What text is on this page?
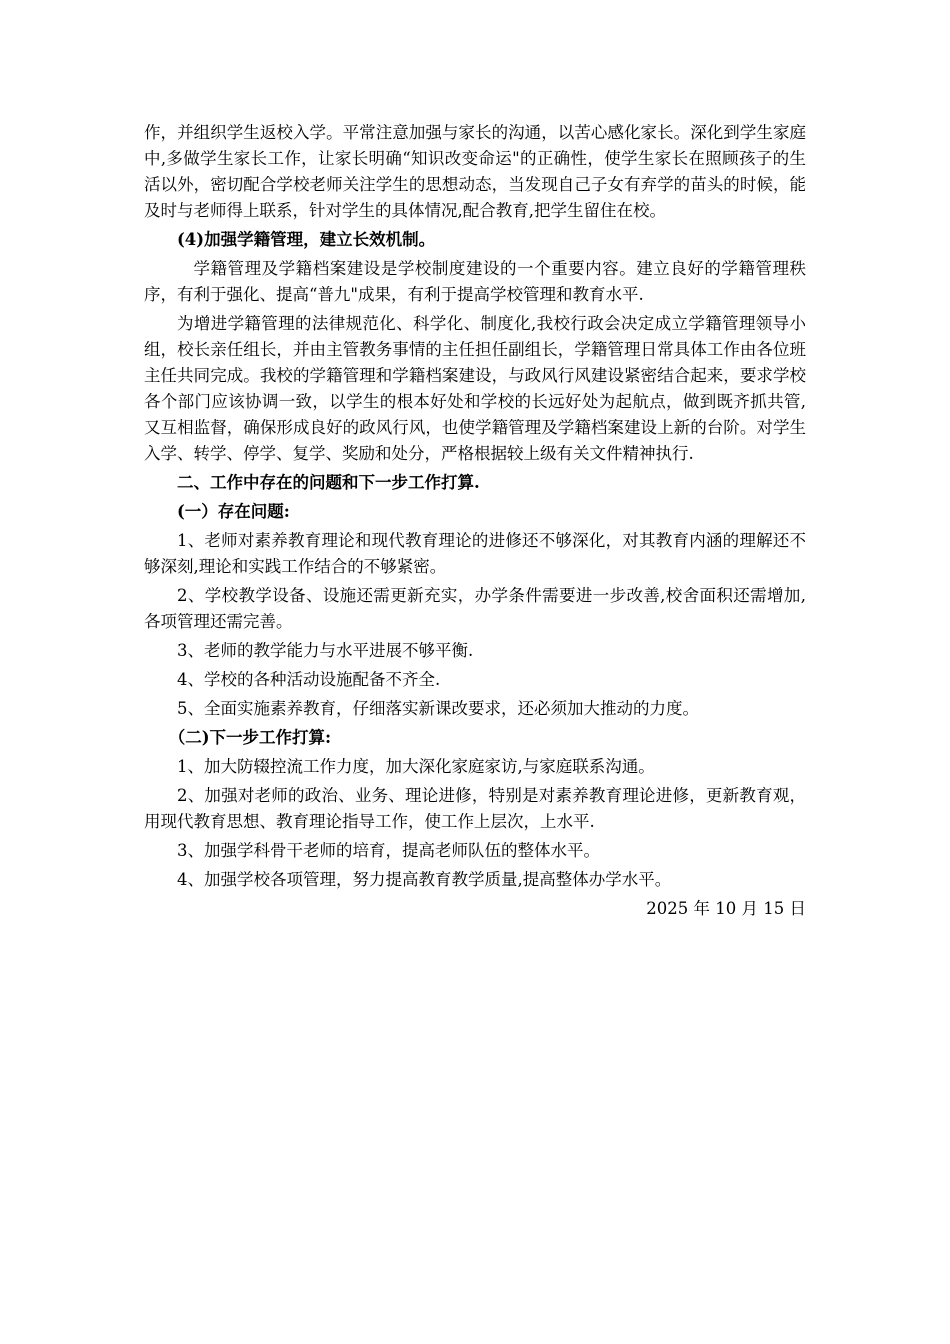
作，并组织学生返校入学。平常注意加强与家长的沟通，以苦心感化家长。深化到学生家庭中,多做学生家长工作，让家长明确“知识改变命运"的正确性，使学生家长在照顾孩子的生活以外，密切配合学校老师关注学生的思想动态，当发现自己子女有弃学的苗头的时候，能及时与老师得上联系，针对学生的具体情况,配合教育,把学生留住在校。

(4)加强学籍管理，建立长效机制。

学籍管理及学籍档案建设是学校制度建设的一个重要内容。建立良好的学籍管理秩序，有利于强化、提高“普九"成果，有利于提高学校管理和教育水平.

为增进学籍管理的法律规范化、科学化、制度化,我校行政会决定成立学籍管理领导小组，校长亲任组长，并由主管教务事情的主任担任副组长，学籍管理日常具体工作由各位班主任共同完成。我校的学籍管理和学籍档案建设，与政风行风建设紧密结合起来，要求学校各个部门应该协调一致，以学生的根本好处和学校的长远好处为起航点，做到既齐抓共管,又互相监督，确保形成良好的政风行风，也使学籍管理及学籍档案建设上新的台阶。对学生入学、转学、停学、复学、奖励和处分，严格根据较上级有关文件精神执行.

二、工作中存在的问题和下一步工作打算.

(一）存在问题:

1、老师对素养教育理论和现代教育理论的进修还不够深化，对其教育内涵的理解还不够深刻,理论和实践工作结合的不够紧密。

2、学校教学设备、设施还需更新充实，办学条件需要进一步改善,校舍面积还需增加,各项管理还需完善。

3、老师的教学能力与水平进展不够平衡.

4、学校的各种活动设施配备不齐全.

5、全面实施素养教育，仔细落实新课改要求，还必须加大推动的力度。

（二)下一步工作打算:

1、加大防辍控流工作力度，加大深化家庭家访,与家庭联系沟通。

2、加强对老师的政治、业务、理论进修，特别是对素养教育理论进修，更新教育观，用现代教育思想、教育理论指导工作，使工作上层次，上水平.

3、加强学科骨干老师的培育，提高老师队伍的整体水平。

4、加强学校各项管理，努力提高教育教学质量,提高整体办学水平。

2025 年 10 月 15 日
